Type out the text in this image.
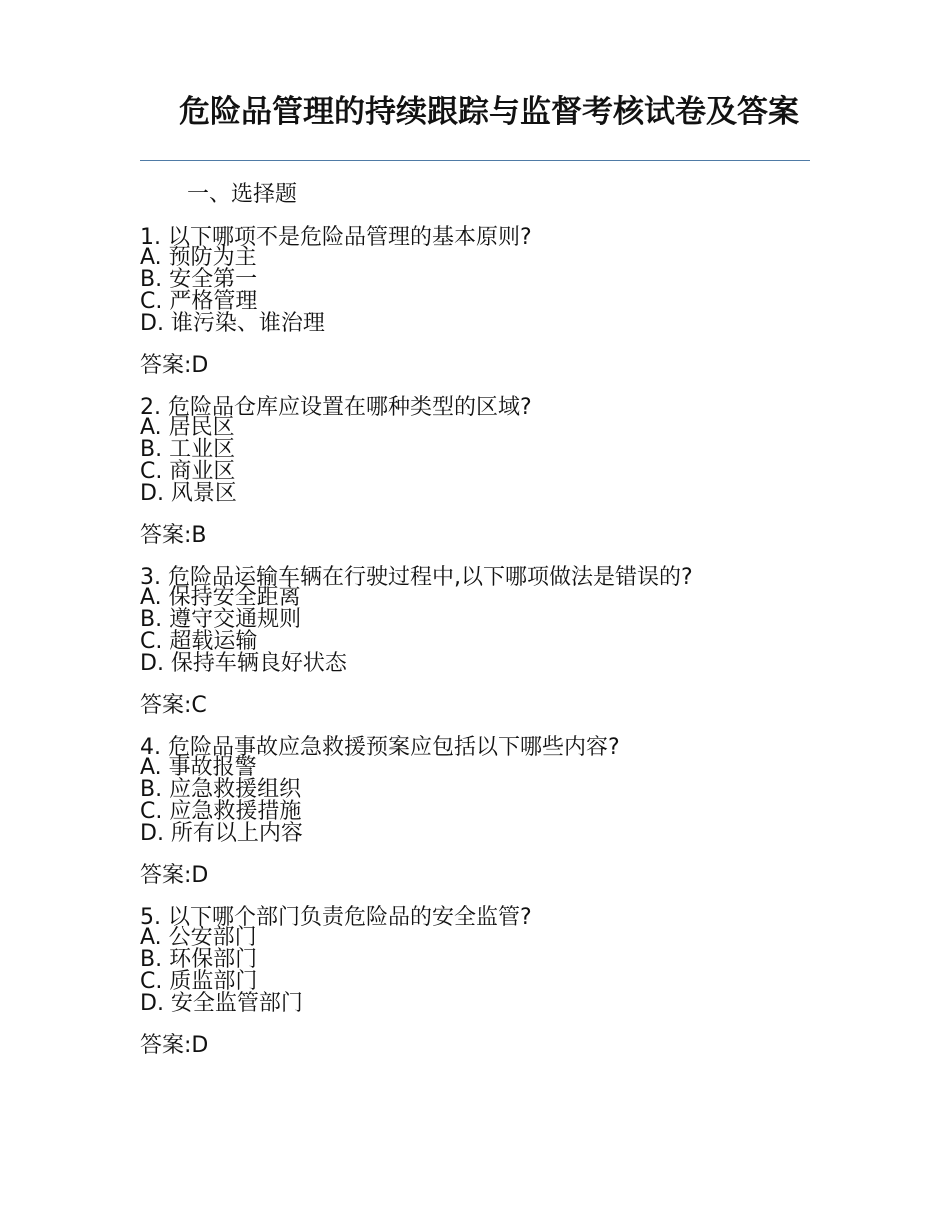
危险品管理的持续跟踪与监督考核试卷及答案
一、选择题
1. 以下哪项不是危险品管理的基本原则?
A. 预防为主
B. 安全第一
C. 严格管理
D. 谁污染、谁治理
答案:D
2. 危险品仓库应设置在哪种类型的区域?
A. 居民区
B. 工业区
C. 商业区
D. 风景区
答案:B
3. 危险品运输车辆在行驶过程中,以下哪项做法是错误的?
A. 保持安全距离
B. 遵守交通规则
C. 超载运输
D. 保持车辆良好状态
答案:C
4. 危险品事故应急救援预案应包括以下哪些内容?
A. 事故报警
B. 应急救援组织
C. 应急救援措施
D. 所有以上内容
答案:D
5. 以下哪个部门负责危险品的安全监管?
A. 公安部门
B. 环保部门
C. 质监部门
D. 安全监管部门
答案:D
